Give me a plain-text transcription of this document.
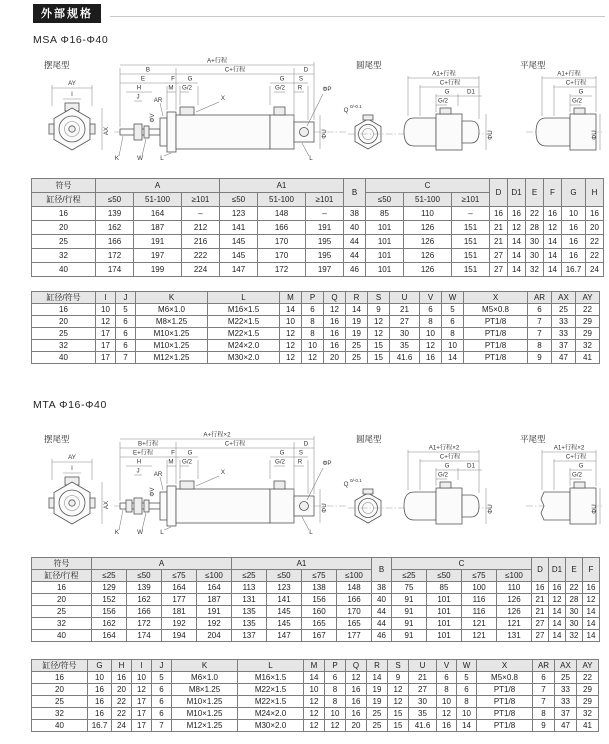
外部规格
MSA Φ16-Φ40
摆尾型
AY
I
AX
A+行程
B	C+行程	D
E	F G
H	M G/2
AR
J
ΦV
X
G S
G/2 R	ΦP
ΦU
K	W	L	L
圆尾型
Q
0/-0.1
A1+行程
C+行程
G	D1
G/2
ΦU
平尾型
A1+行程
C+行程
G
G/2
ΦU
符号	A			A1			B	C			D	D1	E	F	G	H
缸径/行程	≤50	51-100	≥101	≤50	51-100	≥101		≤50	51-100	≥101						
16	139	164	–	123	148	–	38	85	110	–	16	16	22	16	10	16
20	162	187	212	141	166	191	40	101	126	151	21	12	28	12	16	20
25	166	191	216	145	170	195	44	101	126	151	21	14	30	14	16	22
32	172	197	222	145	170	195	44	101	126	151	27	14	30	14	16	22
40	174	199	224	147	172	197	46	101	126	151	27	14	32	14	16.7	24
缸径/符号	I	J	K	L	M	P	Q	R	S	U	V	W	X	AR	AX	AY
16	10	5	M6×1.0	M16×1.5	14	6	12	14	9	21	6	5	M5×0.8	6	25	22
20	12	6	M8×1.25	M22×1.5	10	8	16	19	12	27	8	6	PT1/8	7	33	29
25	17	6	M10×1.25	M22×1.5	12	8	16	19	12	30	10	8	PT1/8	7	33	29
32	17	6	M10×1.25	M24×2.0	12	10	16	25	15	35	12	10	PT1/8	8	37	32
40	17	7	M12×1.25	M30×2.0	12	12	20	25	15	41.6	16	14	PT1/8	9	47	41
MTA Φ16-Φ40
摆尾型
AY
I
AX
A+行程×2
B+行程	C+行程	D
E+行程	F G
H	M G/2
AR
J
ΦV
X
G S
G/2 R	ΦP
ΦU
K	W	L	L
圆尾型
Q
0/-0.1
A1+行程×2
C+行程
G	D1
G/2
ΦU
平尾型
A1+行程×2
C+行程
G
G/2
ΦU
符号	A				A1				B	C				D	D1	E	F
缸径/行程	≤25	≤50	≤75	≤100	≤25	≤50	≤75	≤100		≤25	≤50	≤75	≤100				
16	129	139	164	164	113	123	138	148	38	75	85	100	110	16	16	22	16
20	152	162	177	187	131	141	156	166	40	91	101	116	126	21	12	28	12
25	156	166	181	191	135	145	160	170	44	91	101	116	126	21	14	30	14
32	162	172	192	192	135	145	165	165	44	91	101	121	121	27	14	30	14
40	164	174	194	204	137	147	167	177	46	91	101	121	131	27	14	32	14
缸径/符号	G	H	I	J	K	L	M	P	Q	R	S	U	V	W	X	AR	AX	AY
16	10	16	10	5	M6×1.0	M16×1.5	14	6	12	14	9	21	6	5	M5×0.8	6	25	22
20	16	20	12	6	M8×1.25	M22×1.5	10	8	16	19	12	27	8	6	PT1/8	7	33	29
25	16	22	17	6	M10×1.25	M22×1.5	12	8	16	19	12	30	10	8	PT1/8	7	33	29
32	16	22	17	6	M10×1.25	M24×2.0	12	10	16	25	15	35	12	10	PT1/8	8	37	32
40	16.7	24	17	7	M12×1.25	M30×2.0	12	12	20	25	15	41.6	16	14	PT1/8	9	47	41
